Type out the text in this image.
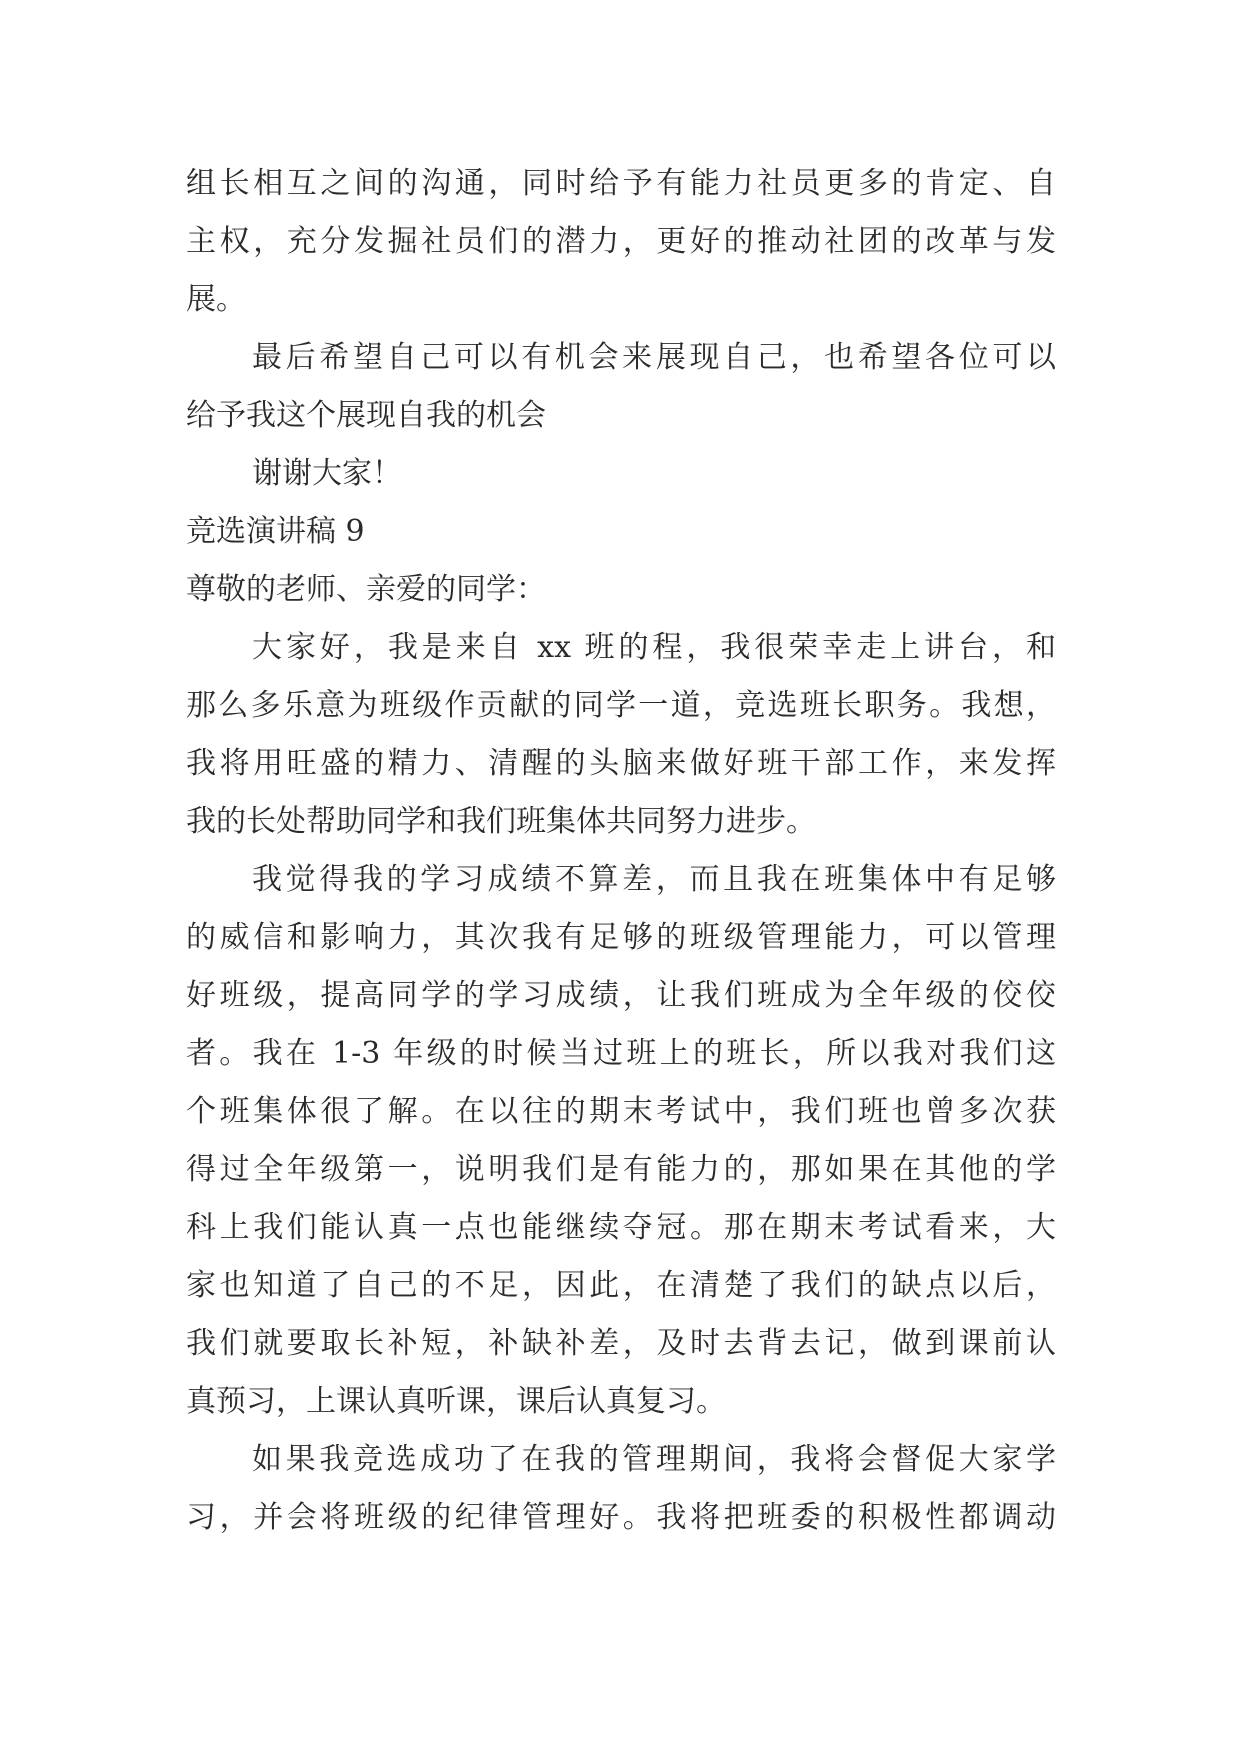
组长相互之间的沟通，同时给予有能力社员更多的肯定、自
主权，充分发掘社员们的潜力，更好的推动社团的改革与发
展。
最后希望自己可以有机会来展现自己，也希望各位可以
给予我这个展现自我的机会
谢谢大家！
竞选演讲稿 9
尊敬的老师、亲爱的同学：
大家好，我是来自 xx 班的程，我很荣幸走上讲台，和
那么多乐意为班级作贡献的同学一道，竞选班长职务。我想，
我将用旺盛的精力、清醒的头脑来做好班干部工作，来发挥
我的长处帮助同学和我们班集体共同努力进步。
我觉得我的学习成绩不算差，而且我在班集体中有足够
的威信和影响力，其次我有足够的班级管理能力，可以管理
好班级，提高同学的学习成绩，让我们班成为全年级的佼佼
者。我在 1-3 年级的时候当过班上的班长，所以我对我们这
个班集体很了解。在以往的期末考试中，我们班也曾多次获
得过全年级第一，说明我们是有能力的，那如果在其他的学
科上我们能认真一点也能继续夺冠。那在期末考试看来，大
家也知道了自己的不足，因此，在清楚了我们的缺点以后，
我们就要取长补短，补缺补差，及时去背去记，做到课前认
真预习，上课认真听课，课后认真复习。
如果我竞选成功了在我的管理期间，我将会督促大家学
习，并会将班级的纪律管理好。我将把班委的积极性都调动
